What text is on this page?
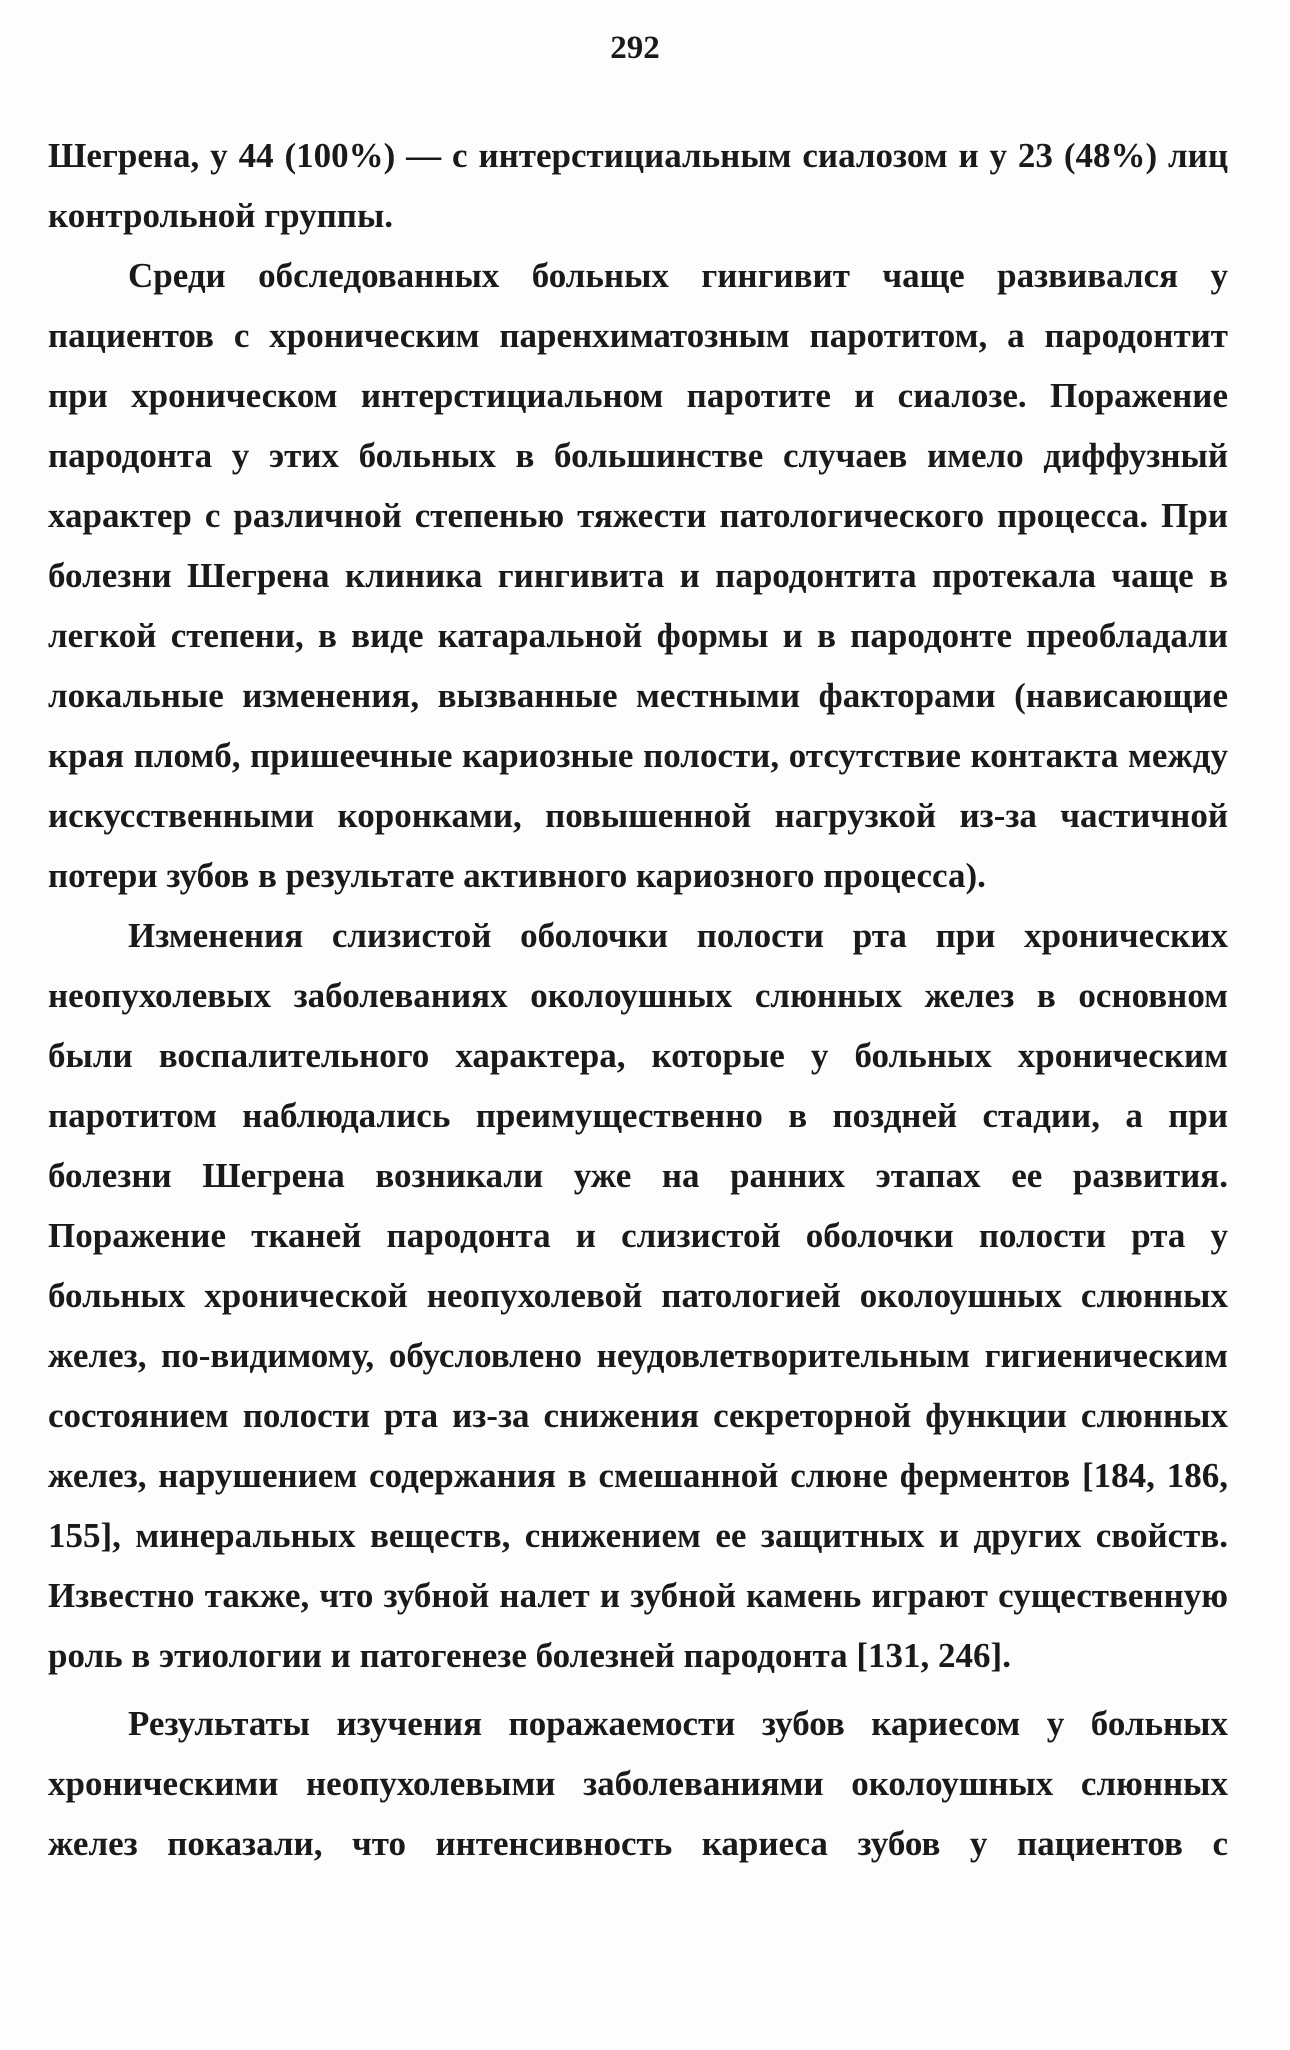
292

Шегрена, у 44 (100%) — с интерстициальным сиалозом и у 23 (48%) лиц
контрольной группы.

Среди обследованных больных гингивит чаще развивался у
пациентов с хроническим паренхиматозным паротитом, а пародонтит
при хроническом интерстициальном паротите и сиалозе. Поражение
пародонта у этих больных в большинстве случаев имело диффузный
характер с различной степенью тяжести патологического процесса. При
болезни Шегрена клиника гингивита и пародонтита протекала чаще в
легкой степени, в виде катаральной формы и в пародонте преобладали
локальные изменения, вызванные местными факторами (нависающие
края пломб, пришеечные кариозные полости, отсутствие контакта между
искусственными коронками, повышенной нагрузкой из-за частичной
потери зубов в результате активного кариозного процесса).

Изменения слизистой оболочки полости рта при хронических
неопухолевых заболеваниях околоушных слюнных желез в основном
были воспалительного характера, которые у больных хроническим
паротитом наблюдались преимущественно в поздней стадии, а при
болезни Шегрена возникали уже на ранних этапах ее развития.
Поражение тканей пародонта и слизистой оболочки полости рта у
больных хронической неопухолевой патологией околоушных слюнных
желез, по-видимому, обусловлено неудовлетворительным гигиеническим
состоянием полости рта из-за снижения секреторной функции слюнных
желез, нарушением содержания в смешанной слюне ферментов [184, 186,
155], минеральных веществ, снижением ее защитных и других свойств.
Известно также, что зубной налет и зубной камень играют существенную
роль в этиологии и патогенезе болезней пародонта [131, 246].

Результаты изучения поражаемости зубов кариесом у больных
хроническими неопухолевыми заболеваниями околоушных слюнных
желез показали, что интенсивность кариеса зубов у пациентов с
